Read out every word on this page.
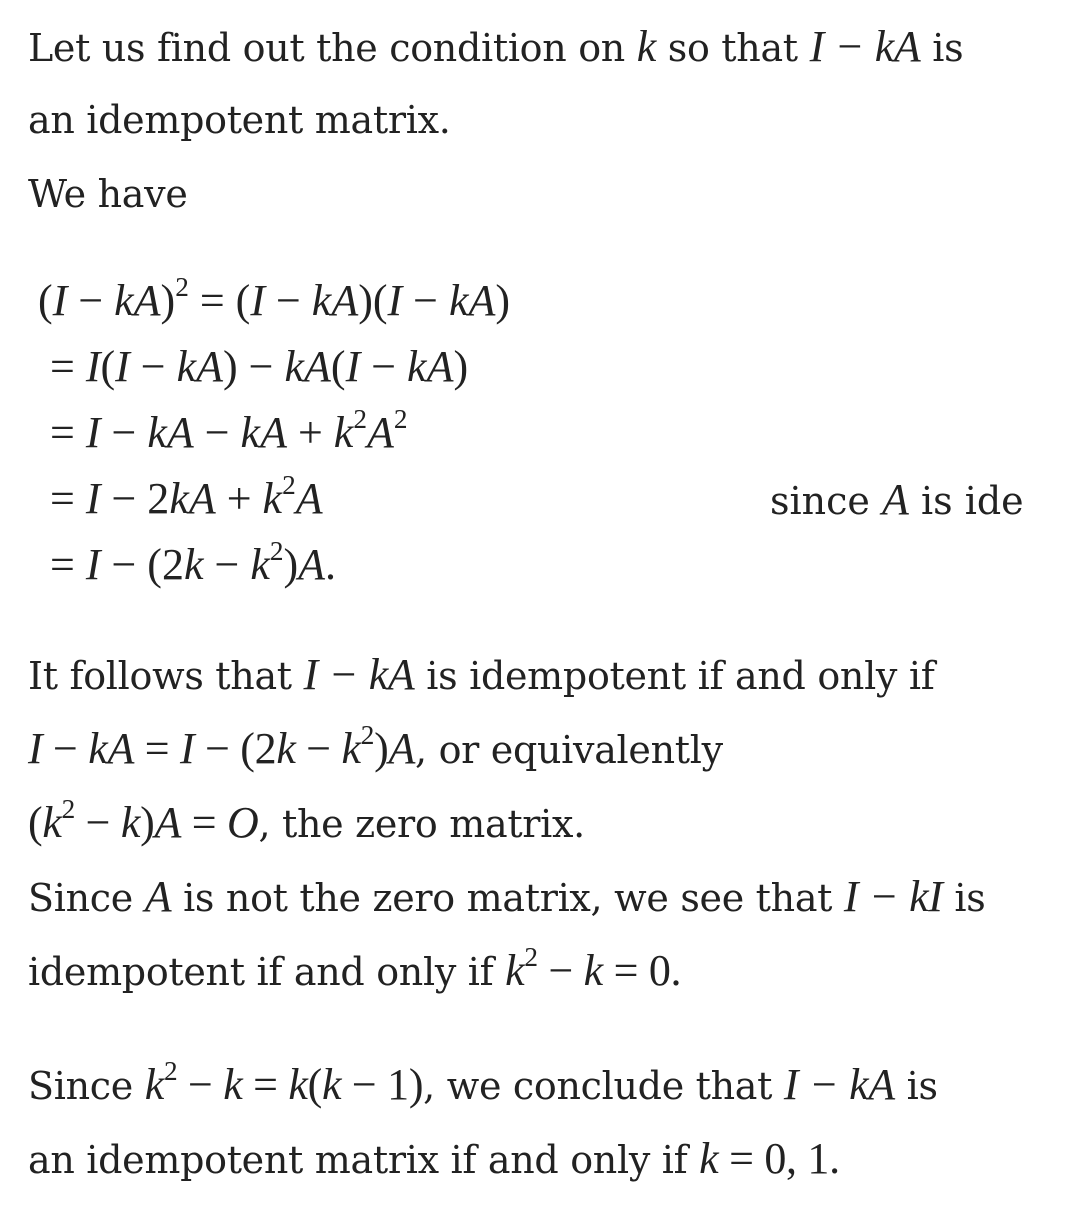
Let us find out the condition on k so that I − kA is
an idempotent matrix.
We have
(I − kA)$^2$ = (I − kA)(I − kA)
= I(I − kA) − kA(I − kA)
= I − kA − kA + $k^2A^2$
= $I - 2kA + k^2A$	since A is ide
= $I - (2k - k^2)A$.
It follows that I − kA is idempotent if and only if
I − kA = $I - (2k - k^2)A$, or equivalently
$(k^2 - k)A = O$, the zero matrix.
Since A is not the zero matrix, we see that I − kI is
idempotent if and only if $k^2 - k = 0$.
Since $k^2 - k = k(k - 1)$, we conclude that I − kA is
an idempotent matrix if and only if k = 0, 1.
